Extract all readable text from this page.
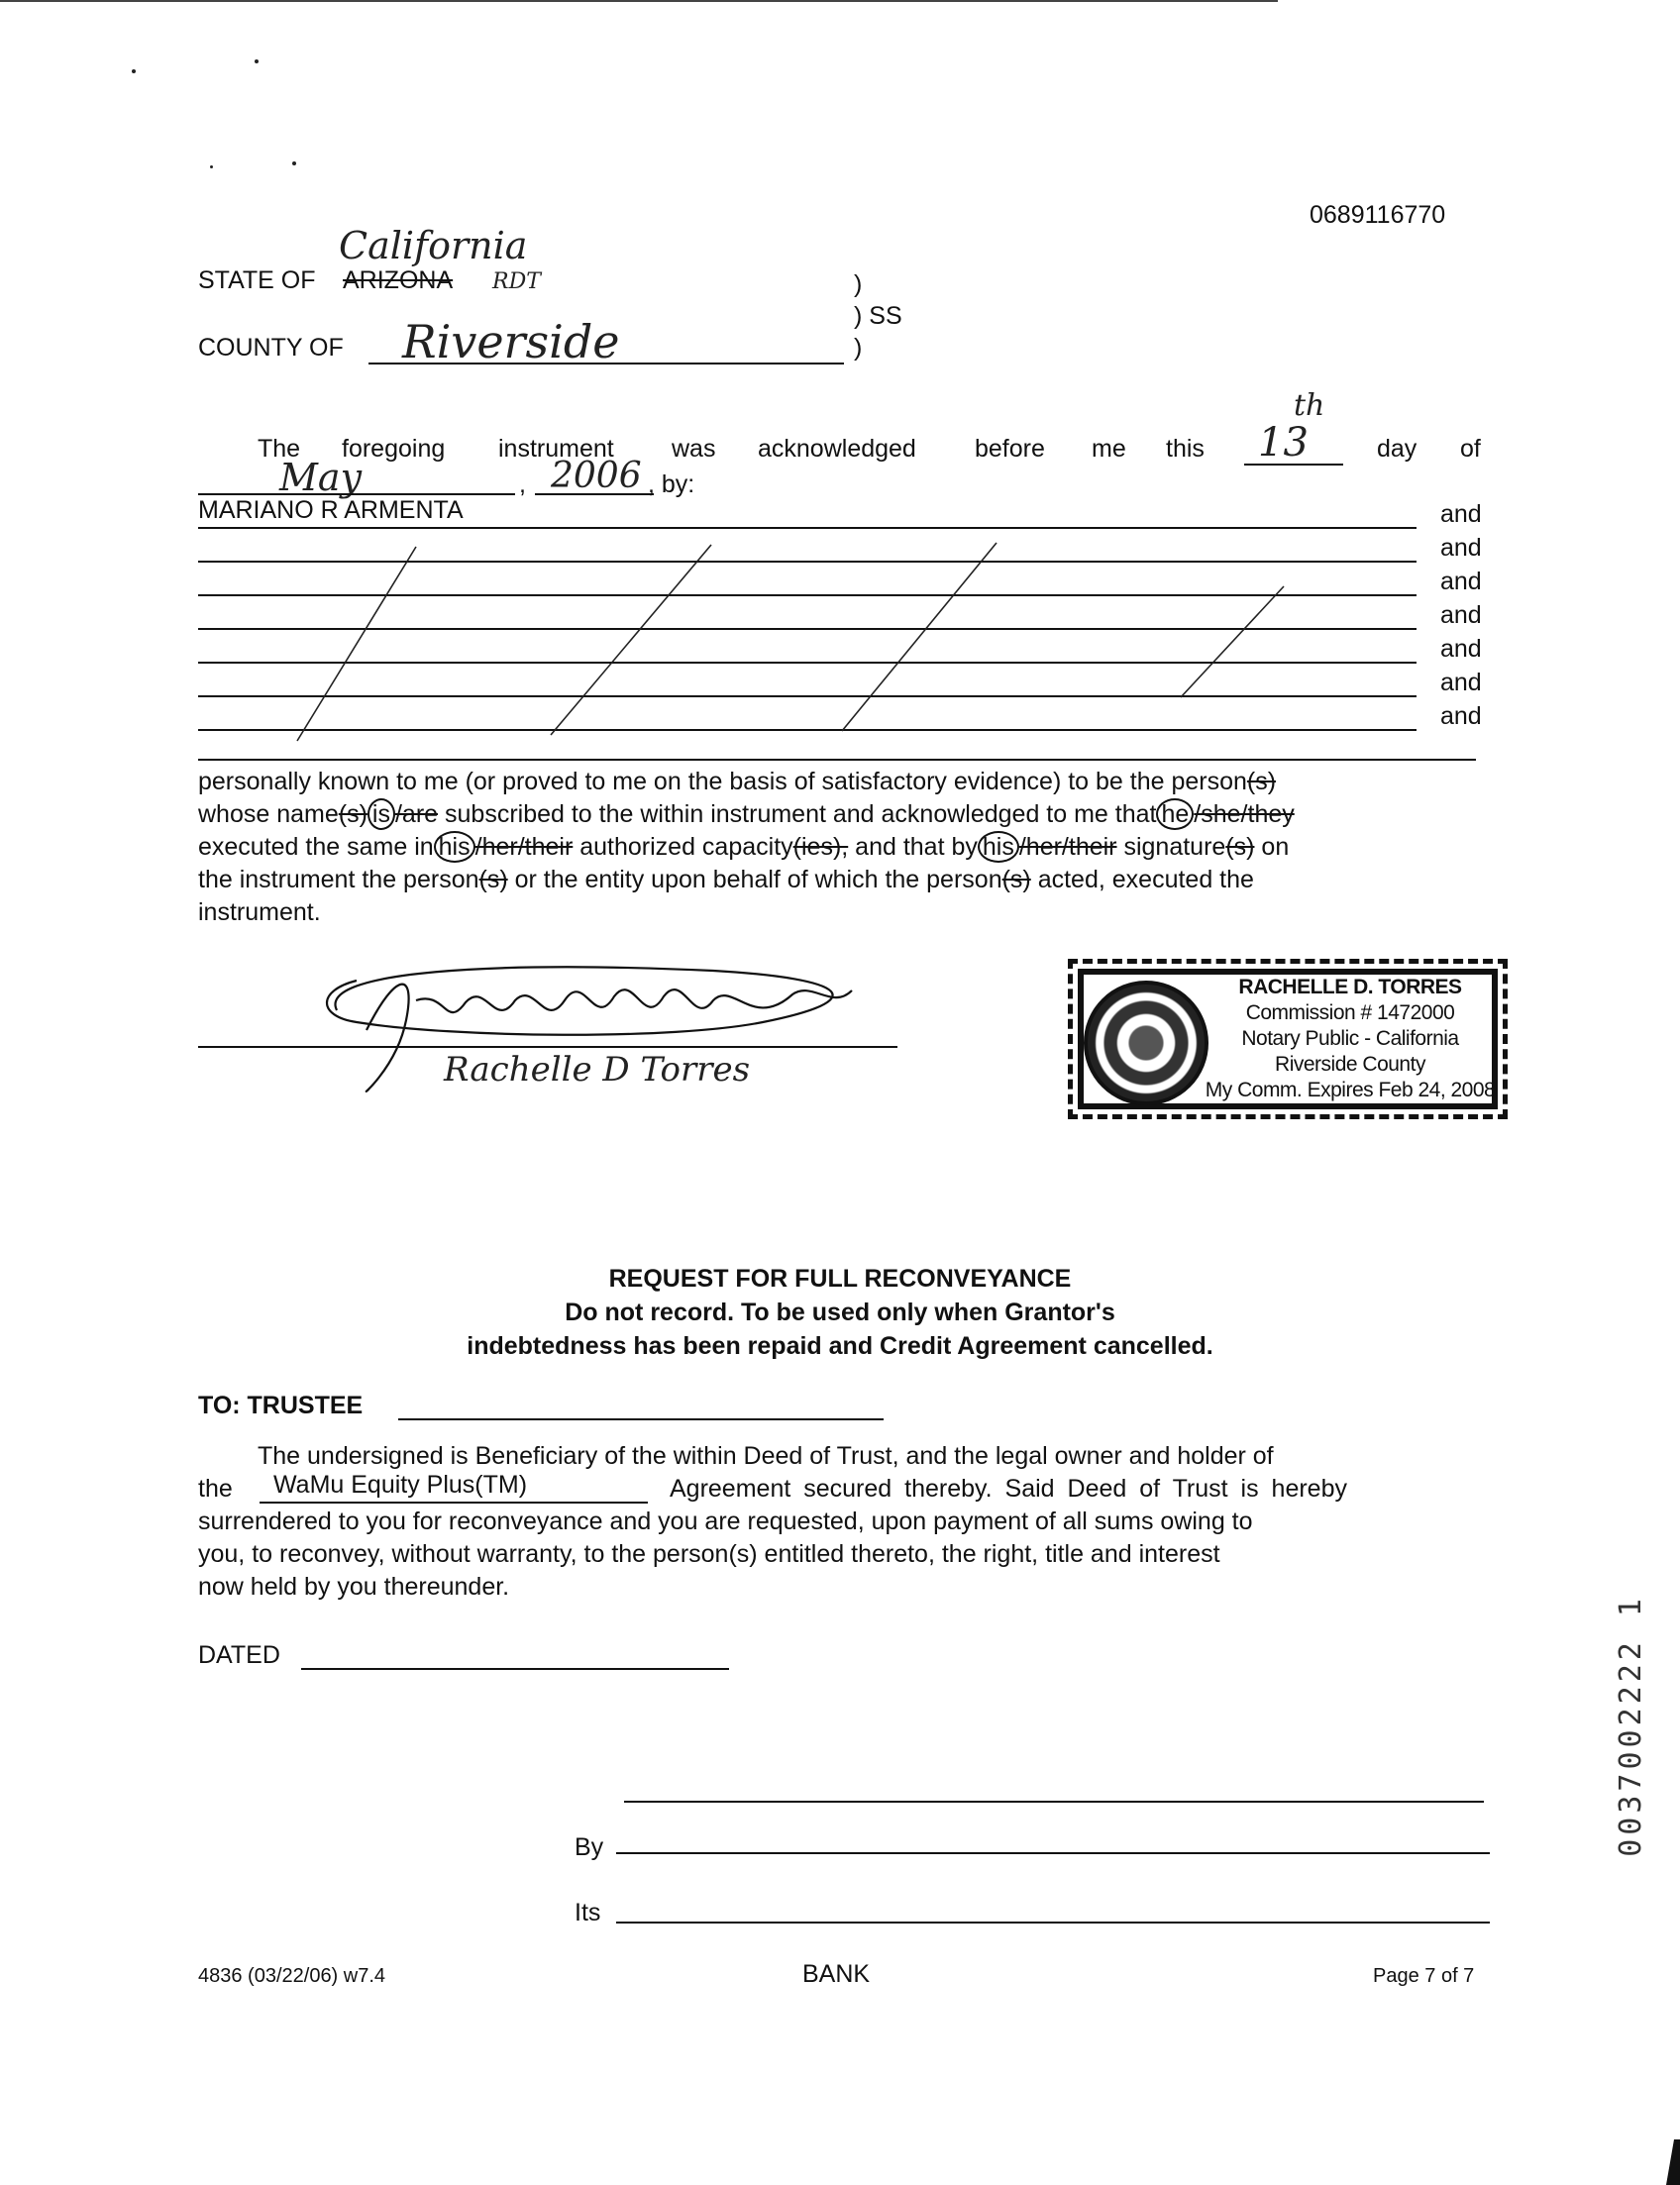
0689116770
California
STATE OF ARIZONA RDT	)
) SS
)
COUNTY OF Riverside
The foregoing instrument was acknowledged before me this 13
th
day of
May	, 2006 , by:
MARIANO R ARMENTA	and
and
and
and
and
and
and
personally known to me (or proved to me on the basis of satisfactory evidence) to be the person(s)
whose name(s) is /are subscribed to the within instrument and acknowledged to me that he /she/they
executed the same in his /her/their authorized capacity(ies), and that by his /her/their signature(s) on
the instrument the person(s) or the entity upon behalf of which the person(s) acted, executed the
instrument.
Rachelle D Torres
RACHELLE D. TORRES
Commission # 1472000
Notary Public - California
Riverside County
My Comm. Expires Feb 24, 2008
REQUEST FOR FULL RECONVEYANCE
Do not record. To be used only when Grantor's
indebtedness has been repaid and Credit Agreement cancelled.
TO: TRUSTEE
The undersigned is Beneficiary of the within Deed of Trust, and the legal owner and holder of
the WaMu Equity Plus(TM)	Agreement secured thereby. Said Deed of Trust is hereby
surrendered to you for reconveyance and you are requested, upon payment of all sums owing to
you, to reconvey, without warranty, to the person(s) entitled thereto, the right, title and interest
now held by you thereunder.
DATED
By
Its
4836 (03/22/06) w7.4	BANK	Page 7 of 7
0037002222 1
